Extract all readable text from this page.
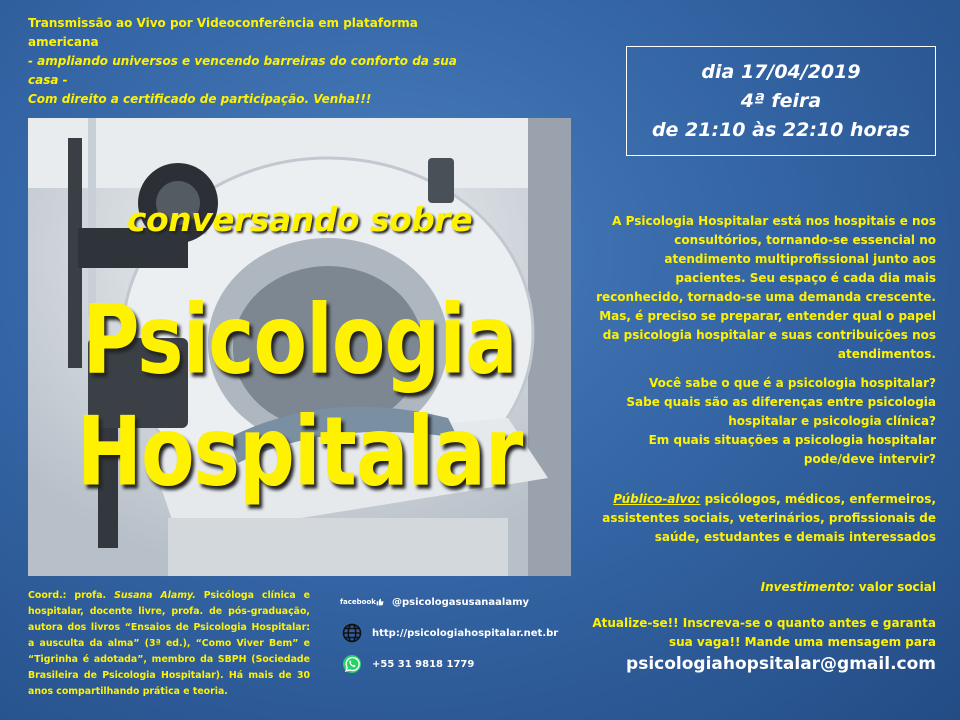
Transmissão ao Vivo por Videoconferência em plataforma americana
- ampliando universos e vencendo barreiras do conforto da sua casa -
Com direito a certificado de participação. Venha!!!
dia 17/04/2019
4ª feira
de 21:10 às 22:10 horas
conversando sobre
Psicologia
Hospitalar
A Psicologia Hospitalar está nos hospitais e nos consultórios, tornando-se essencial no atendimento multiprofissional junto aos pacientes. Seu espaço é cada dia mais reconhecido, tornado-se uma demanda crescente. Mas, é preciso se preparar, entender qual o papel da psicologia hospitalar e suas contribuições nos atendimentos.
Você sabe o que é a psicologia hospitalar?
Sabe quais são as diferenças entre psicologia hospitalar e psicologia clínica?
Em quais situações a psicologia hospitalar pode/deve intervir?
Público-alvo: psicólogos, médicos, enfermeiros, assistentes sociais, veterinários, profissionais de saúde, estudantes e demais interessados
Investimento: valor social
Atualize-se!! Inscreva-se o quanto antes e garanta sua vaga!! Mande uma mensagem para
psicologiahopsitalar@gmail.com
Coord.: profa. Susana Alamy. Psicóloga clínica e hospitalar, docente livre, profa. de pós-graduação, autora dos livros “Ensaios de Psicologia Hospitalar: a ausculta da alma” (3ª ed.), “Como Viver Bem” e “Tigrinha é adotada”, membro da SBPH (Sociedade Brasileira de Psicologia Hospitalar). Há mais de 30 anos compartilhando prática e teoria.
facebook @psicologasusanaalamy
http://psicologiahospitalar.net.br
+55 31 9818 1779
